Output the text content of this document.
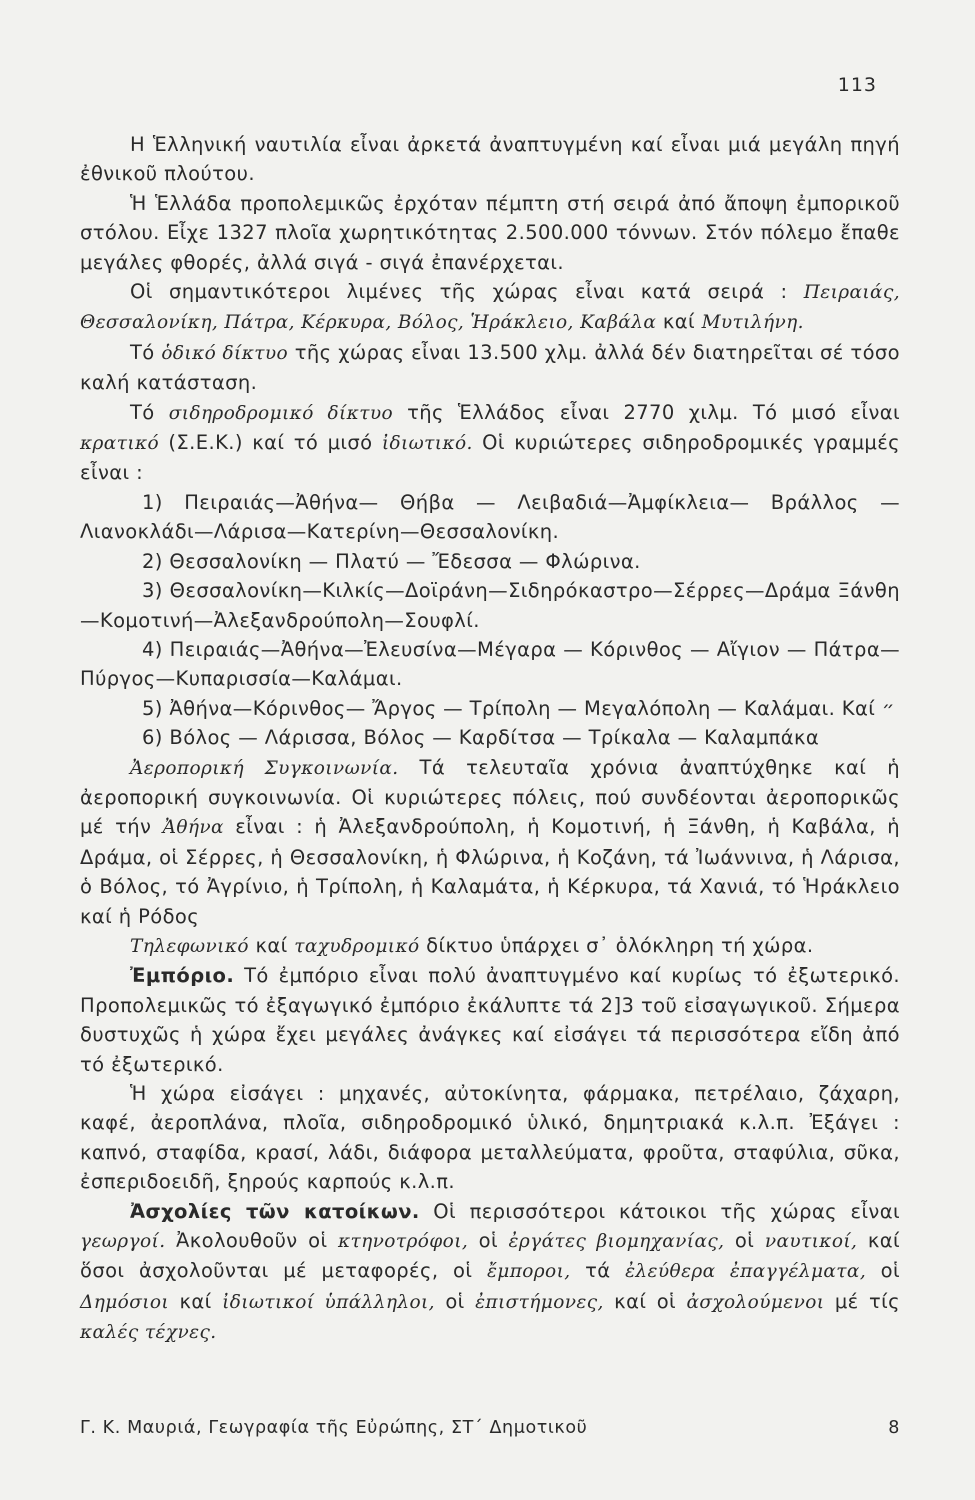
113

Η Ἑλληνική ναυτιλία εἶναι ἀρκετά ἀναπτυγμένη καί εἶναι μιά μεγάλη πηγή ἐθνικοῦ πλούτου.

Ἡ Ἑλλάδα προπολεμικῶς ἐρχόταν πέμπτη στή σειρά ἀπό ἄποψη ἐμπορικοῦ στόλου. Εἶχε 1327 πλοῖα χωρητικότητας 2.500.000 τόννων. Στόν πόλεμο ἔπαθε μεγάλες φθορές, ἀλλά σιγά - σιγά ἐπανέρχεται.

Οἱ σημαντικότεροι λιμένες τῆς χώρας εἶναι κατά σειρά : Πειραιάς, Θεσσαλονίκη, Πάτρα, Κέρκυρα, Βόλος, Ἡράκλειο, Καβάλα καί Μυτιλήνη.

Τό ὁδικό δίκτυο τῆς χώρας εἶναι 13.500 χλμ. ἀλλά δέν διατηρεῖται σέ τόσο καλή κατάσταση.

Τό σιδηροδρομικό δίκτυο τῆς Ἑλλάδος εἶναι 2770 χιλμ. Τό μισό εἶναι κρατικό (Σ.Ε.Κ.) καί τό μισό ἰδιωτικό. Οἱ κυριώτερες σιδηροδρομικές γραμμές εἶναι :

1) Πειραιάς—Ἀθήνα— Θήβα — Λειβαδιά—Ἀμφίκλεια— Βράλλος — Λιανοκλάδι—Λάρισα—Κατερίνη—Θεσσαλονίκη.

2) Θεσσαλονίκη — Πλατύ — Ἔδεσσα — Φλώρινα.

3) Θεσσαλονίκη—Κιλκίς—Δοϊράνη—Σιδηρόκαστρο—Σέρρες—Δράμα Ξάνθη—Κομοτινή—Ἀλεξανδρούπολη—Σουφλί.

4) Πειραιάς—Ἀθήνα—Ἐλευσίνα—Μέγαρα — Κόρινθος — Αἴγιον — Πάτρα—Πύργος—Κυπαρισσία—Καλάμαι.

5) Ἀθήνα—Κόρινθος— Ἄργος — Τρίπολη — Μεγαλόπολη — Καλάμαι. Καί ״

6) Βόλος — Λάρισσα, Βόλος — Καρδίτσα — Τρίκαλα — Καλαμπάκα

Ἀεροπορική Συγκοινωνία. Τά τελευταῖα χρόνια ἀναπτύχθηκε καί ἡ ἀεροπορική συγκοινωνία. Οἱ κυριώτερες πόλεις, πού συνδέονται ἀεροπορικῶς μέ τήν Ἀθήνα εἶναι : ἡ Ἀλεξανδρούπολη, ἡ Κομοτινή, ἡ Ξάνθη, ἡ Καβάλα, ἡ Δράμα, οἱ Σέρρες, ἡ Θεσσαλονίκη, ἡ Φλώρινα, ἡ Κοζάνη, τά Ἰωάννινα, ἡ Λάρισα, ὁ Βόλος, τό Ἀγρίνιο, ἡ Τρίπολη, ἡ Καλαμάτα, ἡ Κέρκυρα, τά Χανιά, τό Ἡράκλειο καί ἡ Ρόδος

Τηλεφωνικό καί ταχυδρομικό δίκτυο ὑπάρχει σ᾽ ὁλόκληρη τή χώρα.

Ἐμπόριο. Τό ἐμπόριο εἶναι πολύ ἀναπτυγμένο καί κυρίως τό ἐξωτερικό. Προπολεμικῶς τό ἐξαγωγικό ἐμπόριο ἐκάλυπτε τά 2]3 τοῦ εἰσαγωγικοῦ. Σήμερα δυστυχῶς ἡ χώρα ἔχει μεγάλες ἀνάγκες καί εἰσάγει τά περισσότερα εἴδη ἀπό τό ἐξωτερικό.

Ἡ χώρα εἰσάγει : μηχανές, αὐτοκίνητα, φάρμακα, πετρέλαιο, ζάχαρη, καφέ, ἀεροπλάνα, πλοῖα, σιδηροδρομικό ὑλικό, δημητριακά κ.λ.π. Ἐξάγει : καπνό, σταφίδα, κρασί, λάδι, διάφορα μεταλλεύματα, φροῦτα, σταφύλια, σῦκα, ἐσπεριδοειδῆ, ξηρούς καρπούς κ.λ.π.

Ἀσχολίες τῶν κατοίκων. Οἱ περισσότεροι κάτοικοι τῆς χώρας εἶναι γεωργοί. Ἀκολουθοῦν οἱ κτηνοτρόφοι, οἱ ἐργάτες βιομηχανίας, οἱ ναυτικοί, καί ὅσοι ἀσχολοῦνται μέ μεταφορές, οἱ ἔμποροι, τά ἐλεύθερα ἐπαγγέλματα, οἱ Δημόσιοι καί ἰδιωτικοί ὑπάλληλοι, οἱ ἐπιστήμονες, καί οἱ ἀσχολούμενοι μέ τίς καλές τέχνες.

Γ. Κ. Μαυριά, Γεωγραφία τῆς Εὐρώπης, ΣΤ΄ Δημοτικοῦ	8
